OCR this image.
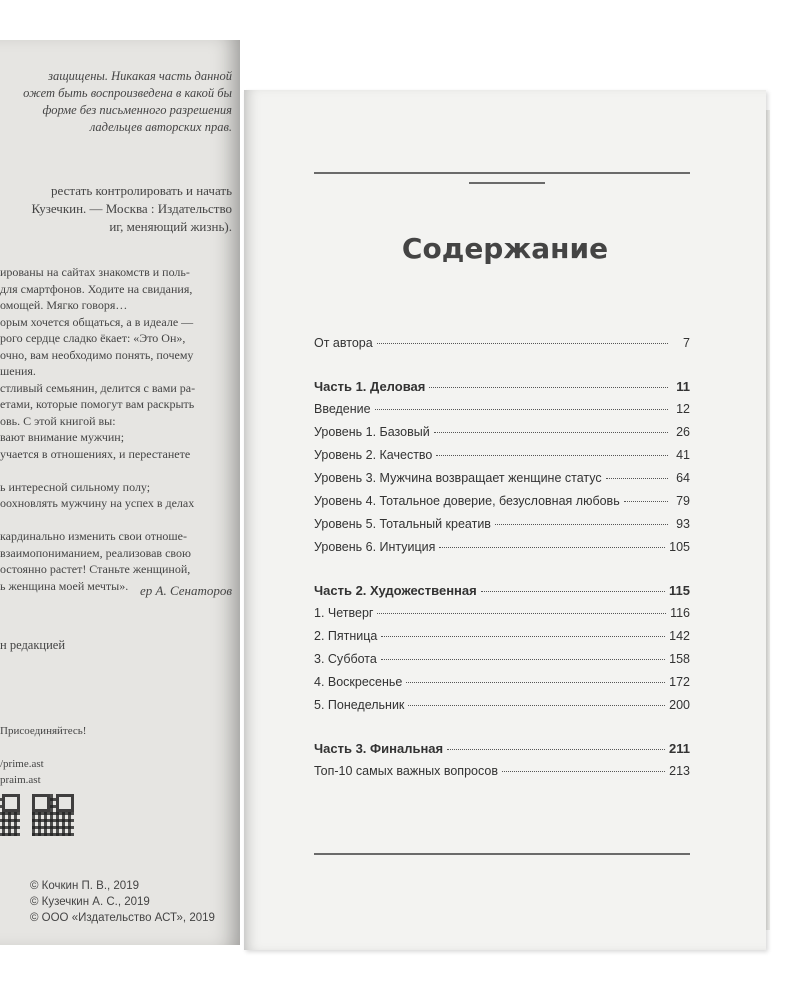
защищены. Никакая часть данной
ожет быть воспроизведена в какой бы
форме без письменного разрешения
ладельцев авторских прав.
рестать контролировать и начать
Кузечкин. — Москва : Издательство
иг, меняющий жизнь).
ированы на сайтах знакомств и поль-
для смартфонов. Ходите на свидания,
омощей. Мягко говоря…
орым хочется общаться, а в идеале —
рого сердце сладко ёкает: «Это Он»,
очно, вам необходимо понять, почему
шения.
стливый семьянин, делится с вами ра-
етами, которые помогут вам раскрыть
овь. С этой книгой вы:
вают внимание мужчин;
учается в отношениях, и перестанете

ь интересной сильному полу;
оохновлять мужчину на успех в делах

кардинально изменить свои отноше-
взаимопониманием, реализовав свою
остоянно растет! Станьте женщиной,
ь женщина моей мечты». ер А. Сенаторов
н редакцией
Присоединяйтесь!
/prime.ast
praim.ast
© Кочкин П. В., 2019
© Кузечкин А. С., 2019
© ООО «Издательство АСТ», 2019
Содержание
От автора	7
Часть 1. Деловая	11
Введение	12
Уровень 1. Базовый	26
Уровень 2. Качество	41
Уровень 3. Мужчина возвращает женщине статус	64
Уровень 4. Тотальное доверие, безусловная любовь	79
Уровень 5. Тотальный креатив	93
Уровень 6. Интуиция	105
Часть 2. Художественная	115
1. Четверг	116
2. Пятница	142
3. Суббота	158
4. Воскресенье	172
5. Понедельник	200
Часть 3. Финальная	211
Топ-10 самых важных вопросов	213
